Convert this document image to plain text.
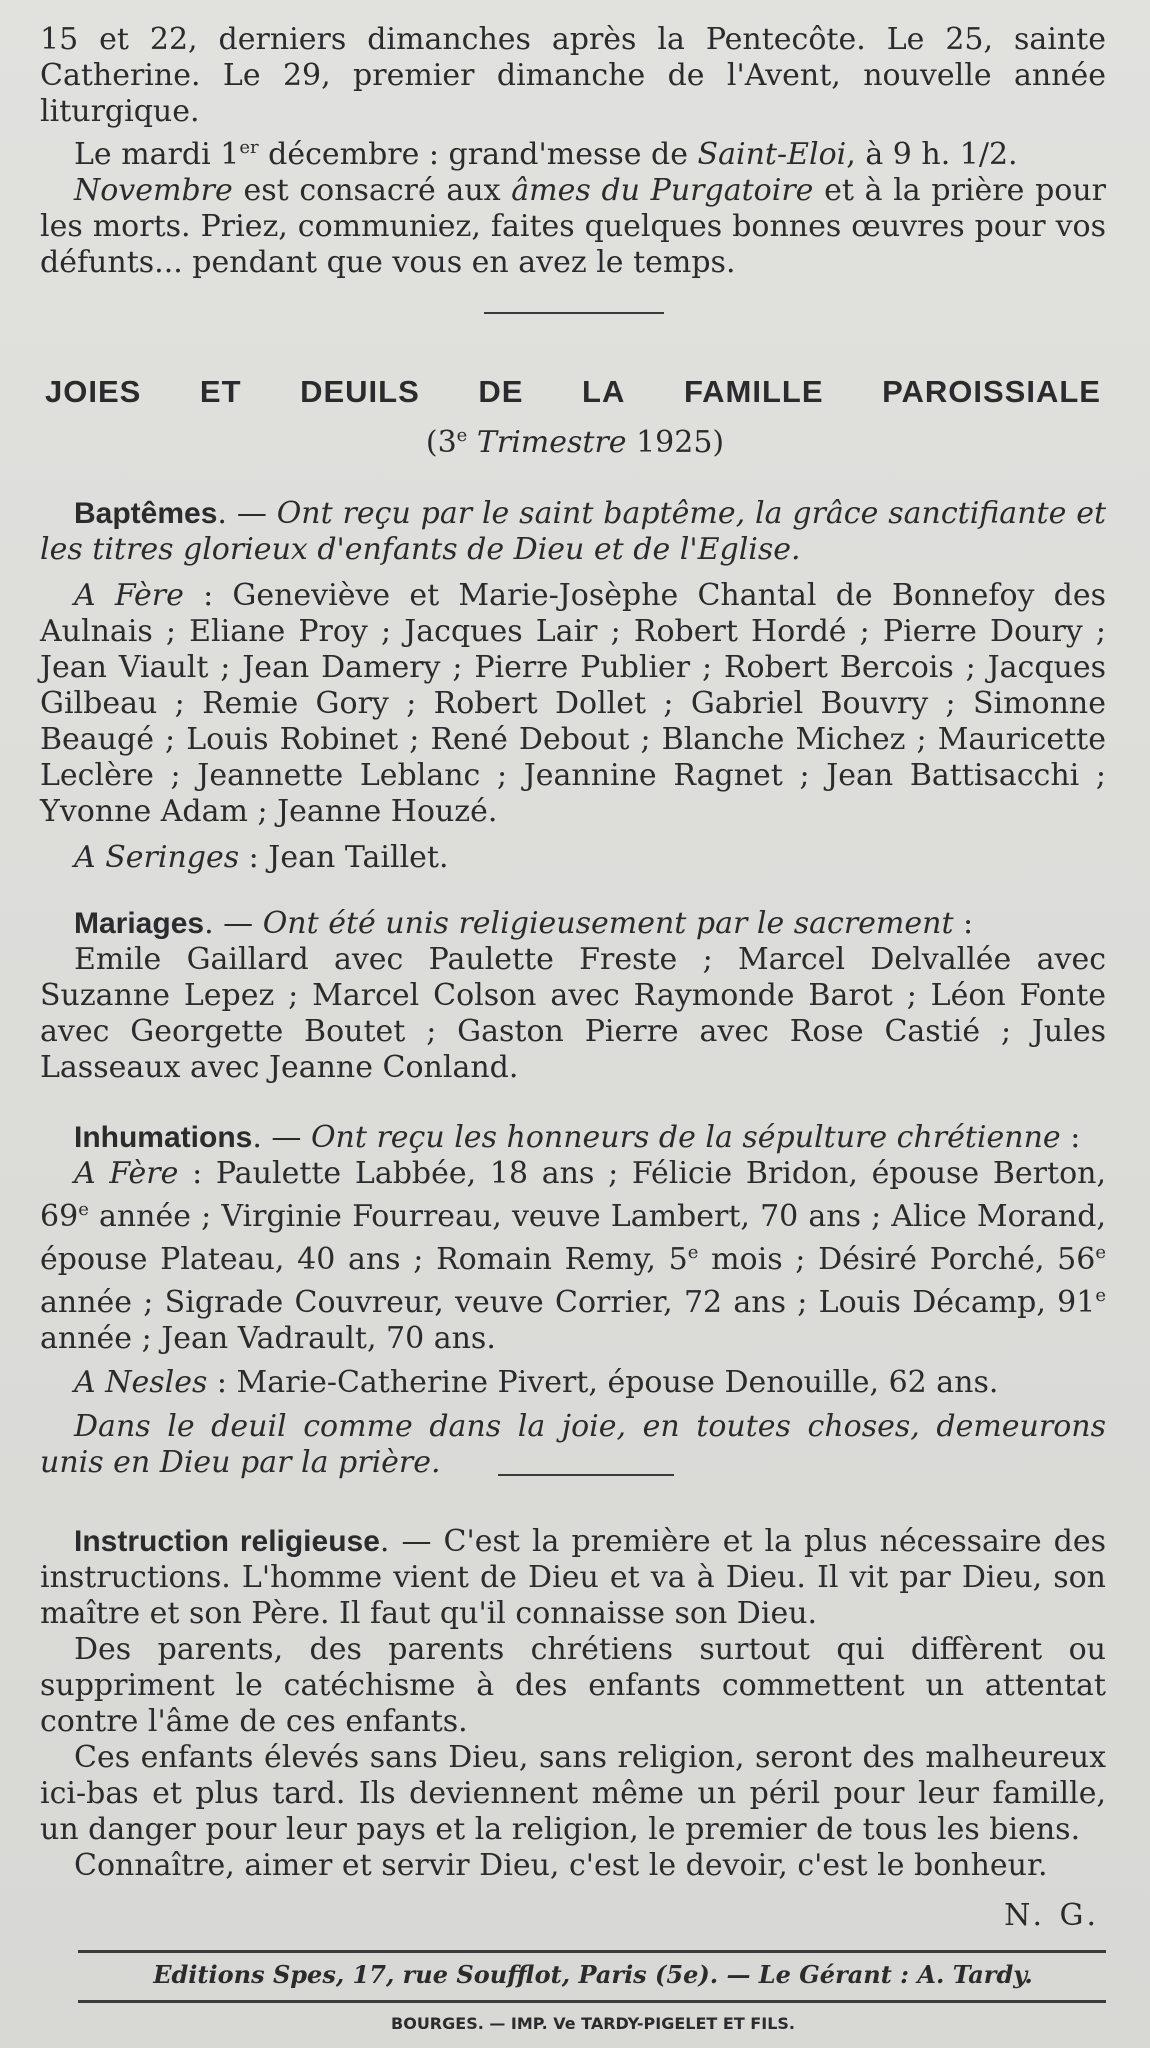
15 et 22, derniers dimanches après la Pentecôte. Le 25, sainte Catherine. Le 29, premier dimanche de l'Avent, nouvelle année liturgique.

Le mardi 1er décembre : grand'messe de Saint-Eloi, à 9 h. 1/2.

Novembre est consacré aux âmes du Purgatoire et à la prière pour les morts. Priez, communiez, faites quelques bonnes œuvres pour vos défunts... pendant que vous en avez le temps.

JOIES ET DEUILS DE LA FAMILLE PAROISSIALE
(3e Trimestre 1925)

Baptêmes. — Ont reçu par le saint baptême, la grâce sanctifiante et les titres glorieux d'enfants de Dieu et de l'Eglise.

A Fère : Geneviève et Marie-Josèphe Chantal de Bonnefoy des Aulnais ; Eliane Proy ; Jacques Lair ; Robert Hordé ; Pierre Doury ; Jean Viault ; Jean Damery ; Pierre Publier ; Robert Bercois ; Jacques Gilbeau ; Remie Gory ; Robert Dollet ; Gabriel Bouvry ; Simonne Beaugé ; Louis Robinet ; René Debout ; Blanche Michez ; Mauricette Leclère ; Jeannette Leblanc ; Jeannine Ragnet ; Jean Battisacchi ; Yvonne Adam ; Jeanne Houzé.

A Seringes : Jean Taillet.

Mariages. — Ont été unis religieusement par le sacrement :

Emile Gaillard avec Paulette Freste ; Marcel Delvallée avec Suzanne Lepez ; Marcel Colson avec Raymonde Barot ; Léon Fonte avec Georgette Boutet ; Gaston Pierre avec Rose Castié ; Jules Lasseaux avec Jeanne Conland.

Inhumations. — Ont reçu les honneurs de la sépulture chrétienne :

A Fère : Paulette Labbée, 18 ans ; Félicie Bridon, épouse Berton, 69e année ; Virginie Fourreau, veuve Lambert, 70 ans ; Alice Morand, épouse Plateau, 40 ans ; Romain Remy, 5e mois ; Désiré Porché, 56e année ; Sigrade Couvreur, veuve Corrier, 72 ans ; Louis Décamp, 91e année ; Jean Vadrault, 70 ans.

A Nesles : Marie-Catherine Pivert, épouse Denouille, 62 ans.

Dans le deuil comme dans la joie, en toutes choses, demeurons unis en Dieu par la prière.

Instruction religieuse. — C'est la première et la plus nécessaire des instructions. L'homme vient de Dieu et va à Dieu. Il vit par Dieu, son maître et son Père. Il faut qu'il connaisse son Dieu.

Des parents, des parents chrétiens surtout qui diffèrent ou suppriment le catéchisme à des enfants commettent un attentat contre l'âme de ces enfants.

Ces enfants élevés sans Dieu, sans religion, seront des malheureux ici-bas et plus tard. Ils deviennent même un péril pour leur famille, un danger pour leur pays et la religion, le premier de tous les biens.

Connaître, aimer et servir Dieu, c'est le devoir, c'est le bonheur.

N. G.
Editions Spes, 17, rue Soufflot, Paris (5e). — Le Gérant : A. Tardy.
BOURGES. — IMP. Ve TARDY-PIGELET ET FILS.
